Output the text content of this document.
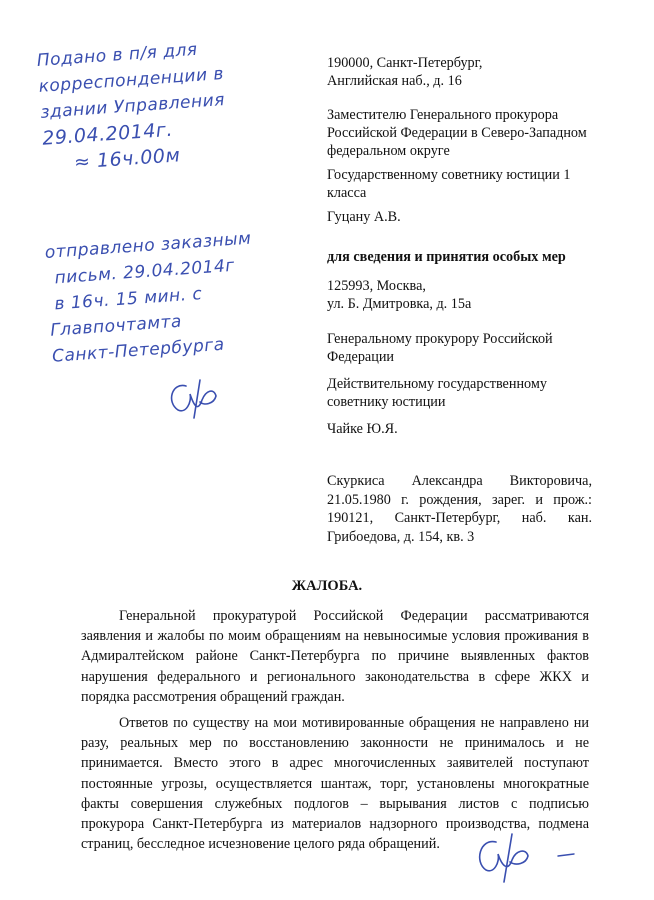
Подано в п/я для
корреспонденции в
здании Управления
29.04.2014г.
≈ 16ч.00м
отправлено заказным
письм. 29.04.2014г
в 16ч. 15 мин. с
Главпочтамта
Санкт-Петербурга

190000, Санкт-Петербург,

Английская наб., д. 16

Заместителю Генерального прокурора Российской Федерации в Северо-Западном федеральном округе
Государственному советнику юстиции 1 класса
Гуцану А.В.
для сведения и принятия особых мер

125993, Москва,

ул. Б. Дмитровка, д. 15а

Генеральному прокурору Российской Федерации
Действительному государственному советнику юстиции
Чайке Ю.Я.
Скуркиса Александра Викторовича, 21.05.1980 г. рождения, зарег. и прож.: 190121, Санкт-Петербург, наб. кан. Грибоедова, д. 154, кв. 3
ЖАЛОБА.

Генеральной прокуратурой Российской Федерации рассматриваются заявления и жалобы по моим обращениям на невыносимые условия проживания в Адмиралтейском районе Санкт-Петербурга по причине выявленных фактов нарушения федерального и регионального законодательства в сфере ЖКХ и порядка рассмотрения обращений граждан.

Ответов по существу на мои мотивированные обращения не направлено ни разу, реальных мер по восстановлению законности не принималось и не принимается. Вместо этого в адрес многочисленных заявителей поступают постоянные угрозы, осуществляется шантаж, торг, установлены многократные факты совершения служебных подлогов – вырывания листов с подписью прокурора Санкт-Петербурга из материалов надзорного производства, подмена страниц, бесследное исчезновение целого ряда обращений.
